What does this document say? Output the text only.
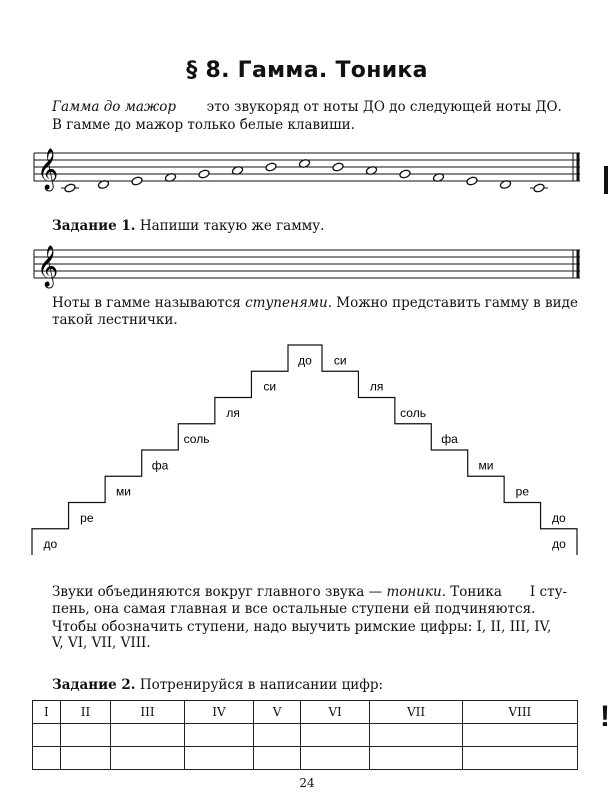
§ 8. Гамма. Тоника
Гамма до мажор это звукоряд от ноты ДО до следующей ноты ДО.
В гамме до мажор только белые клавиши.
𝄞
Задание 1. Напиши такую же гамму.
𝄞
Ноты в гамме называются ступенями. Можно представить гамму в виде
такой лестнички.
до
ре
ми
фа
соль
ля
си
до си
ля
соль
фа
ми
ре
до
до
Звуки объединяются вокруг главного звука — тоники. Тоника I сту-
пень, она самая главная и все остальные ступени ей подчиняются.
Чтобы обозначить ступени, надо выучить римские цифры: I, II, III, IV,
V, VI, VII, VIII.
Задание 2. Потренируйся в написании цифр:
I	II	III	IV	V	VI	VII	VIII

24
!
